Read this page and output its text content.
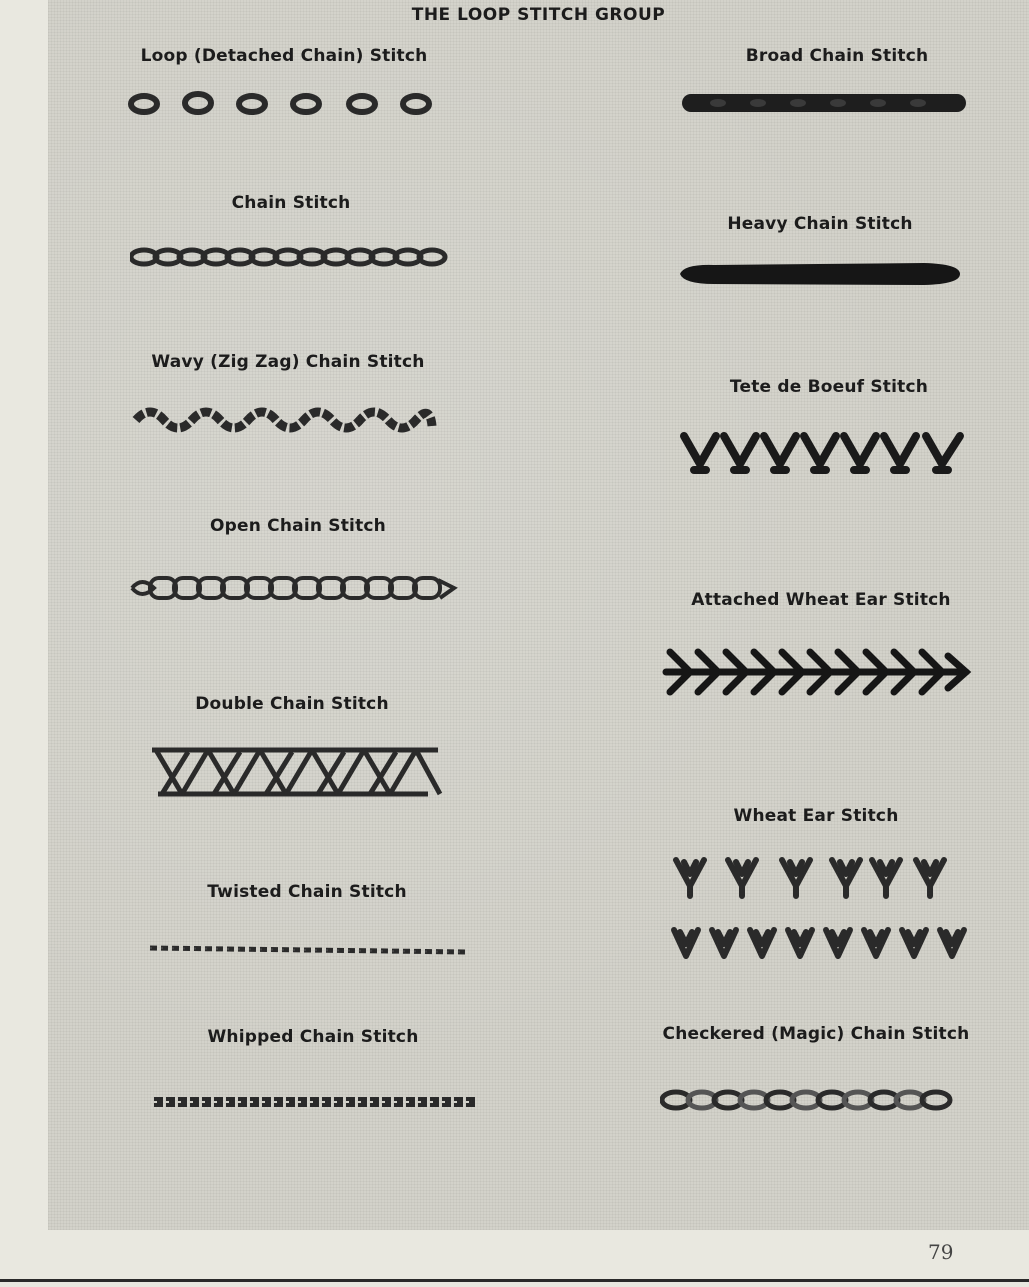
THE LOOP STITCH GROUP
Loop (Detached Chain) Stitch
Chain Stitch
Wavy (Zig Zag) Chain Stitch
Open Chain Stitch
Double Chain Stitch
Twisted Chain Stitch
Whipped Chain Stitch
Broad Chain Stitch
Heavy Chain Stitch
Tete de Boeuf Stitch
Attached Wheat Ear Stitch
Wheat Ear Stitch
Checkered (Magic) Chain Stitch
79
